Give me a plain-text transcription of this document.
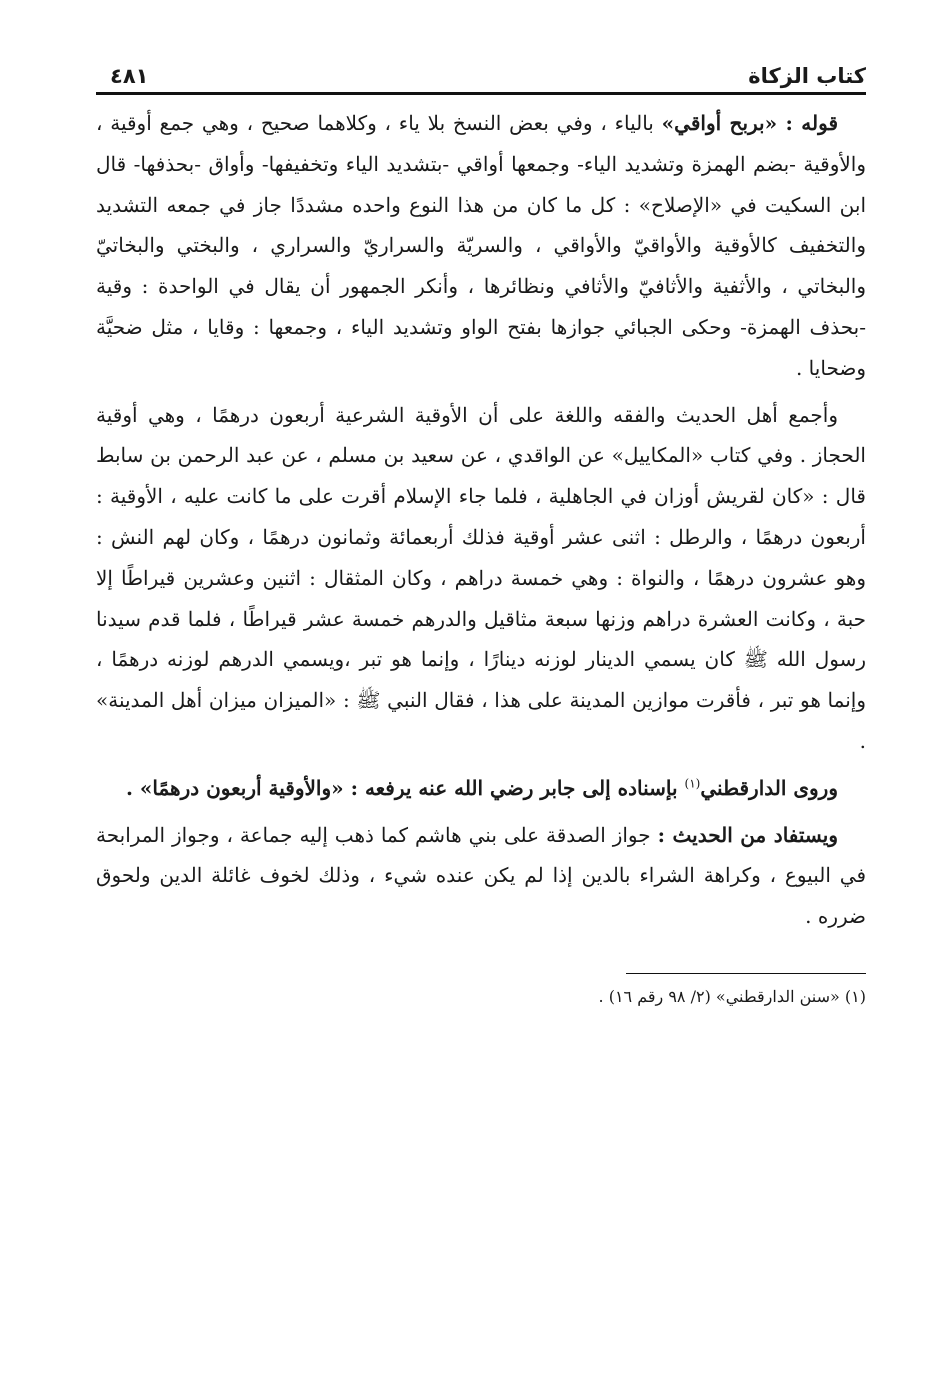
كتاب الزكاة
٤٨١

قوله : «بربح أواقي» بالياء ، وفي بعض النسخ بلا ياء ، وكلاهما صحيح ، وهي جمع أوقية ، والأوقية -بضم الهمزة وتشديد الياء- وجمعها أواقي -بتشديد الياء وتخفيفها- وأواق -بحذفها- قال ابن السكيت في «الإصلاح» : كل ما كان من هذا النوع واحده مشددًا جاز في جمعه التشديد والتخفيف كالأوقية والأواقيّ والأواقي ، والسريّة والسراريّ والسراري ، والبختي والبخاتيّ والبخاتي ، والأثفية والأثافيّ والأثافي ونظائرها ، وأنكر الجمهور أن يقال في الواحدة : وقية -بحذف الهمزة- وحكى الجبائي جوازها بفتح الواو وتشديد الياء ، وجمعها : وقايا ، مثل ضحيَّة وضحايا .

وأجمع أهل الحديث والفقه واللغة على أن الأوقية الشرعية أربعون درهمًا ، وهي أوقية الحجاز . وفي كتاب «المكاييل» عن الواقدي ، عن سعيد بن مسلم ، عن عبد الرحمن بن سابط قال : «كان لقريش أوزان في الجاهلية ، فلما جاء الإسلام أقرت على ما كانت عليه ، الأوقية : أربعون درهمًا ، والرطل : اثنى عشر أوقية فذلك أربعمائة وثمانون درهمًا ، وكان لهم النش : وهو عشرون درهمًا ، والنواة : وهي خمسة دراهم ، وكان المثقال : اثنين وعشرين قيراطًا إلا حبة ، وكانت العشرة دراهم وزنها سبعة مثاقيل والدرهم خمسة عشر قيراطًا ، فلما قدم سيدنا رسول الله ﷺ كان يسمي الدينار لوزنه دينارًا ، وإنما هو تبر ،ويسمي الدرهم لوزنه درهمًا ، وإنما هو تبر ، فأقرت موازين المدينة على هذا ، فقال النبي ﷺ : «الميزان ميزان أهل المدينة» .

وروى الدارقطني$^{(١)}$ بإسناده إلى جابر رضي الله عنه يرفعه : «والأوقية أربعون درهمًا» .

ويستفاد من الحديث : جواز الصدقة على بني هاشم كما ذهب إليه جماعة ، وجواز المرابحة في البيوع ، وكراهة الشراء بالدين إذا لم يكن عنده شيء ، وذلك لخوف غائلة الدين ولحوق ضرره .

(١) «سنن الدارقطني» (٢/ ٩٨ رقم ١٦) .
